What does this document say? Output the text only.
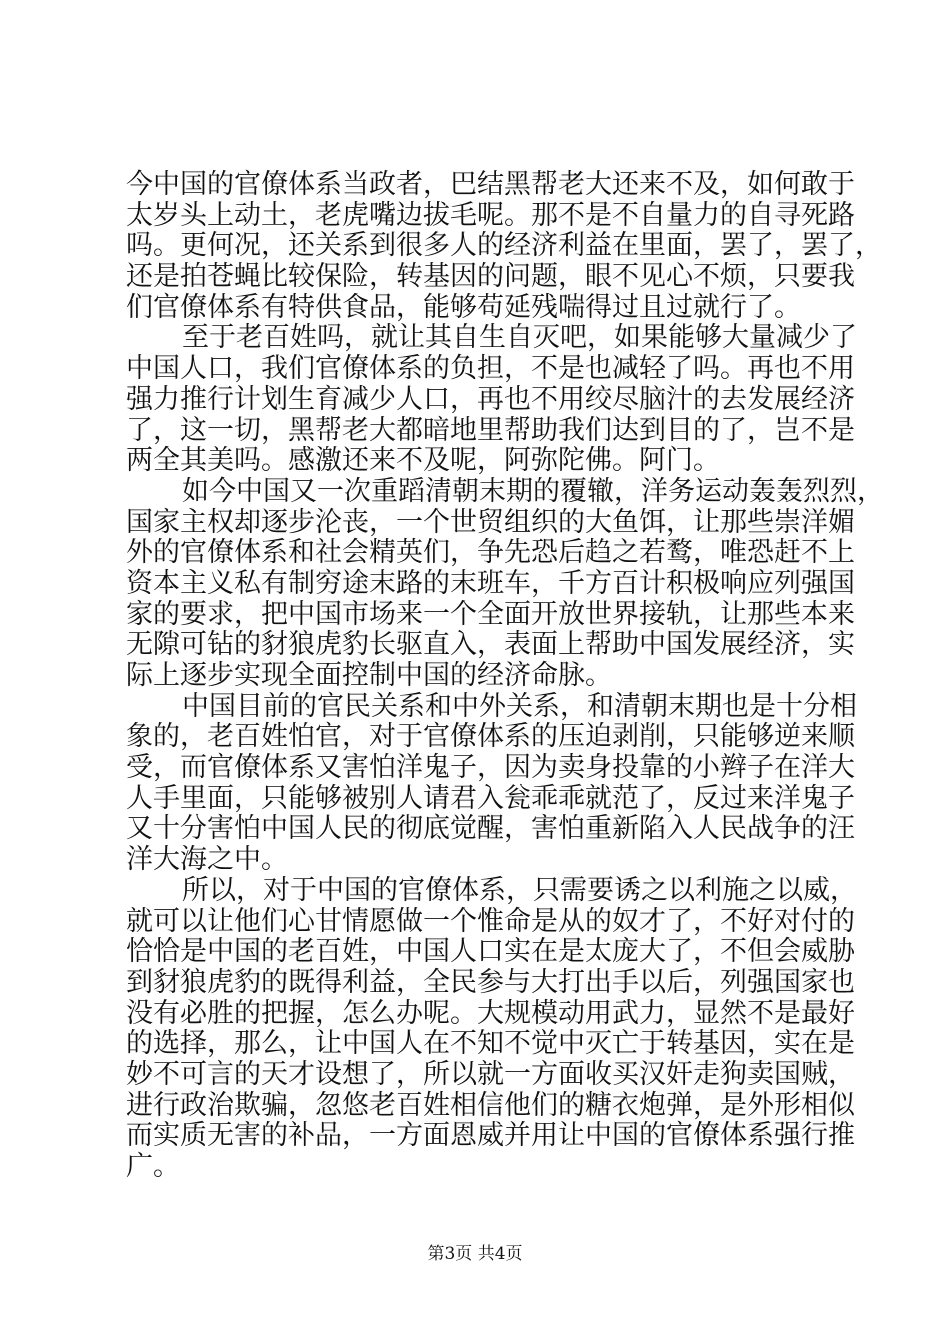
今中国的官僚体系当政者，巴结黑帮老大还来不及，如何敢于
太岁头上动土，老虎嘴边拔毛呢。那不是不自量力的自寻死路
吗。更何况，还关系到很多人的经济利益在里面，罢了，罢了，
还是拍苍蝇比较保险，转基因的问题，眼不见心不烦，只要我
们官僚体系有特供食品，能够苟延残喘得过且过就行了。
至于老百姓吗，就让其自生自灭吧，如果能够大量减少了
中国人口，我们官僚体系的负担，不是也减轻了吗。再也不用
强力推行计划生育减少人口，再也不用绞尽脑汁的去发展经济
了，这一切，黑帮老大都暗地里帮助我们达到目的了，岂不是
两全其美吗。感激还来不及呢，阿弥陀佛。阿门。
如今中国又一次重蹈清朝末期的覆辙，洋务运动轰轰烈烈，
国家主权却逐步沦丧，一个世贸组织的大鱼饵，让那些崇洋媚
外的官僚体系和社会精英们，争先恐后趋之若鹜，唯恐赶不上
资本主义私有制穷途末路的末班车，千方百计积极响应列强国
家的要求，把中国市场来一个全面开放世界接轨，让那些本来
无隙可钻的豺狼虎豹长驱直入，表面上帮助中国发展经济，实
际上逐步实现全面控制中国的经济命脉。
中国目前的官民关系和中外关系，和清朝末期也是十分相
象的，老百姓怕官，对于官僚体系的压迫剥削，只能够逆来顺
受，而官僚体系又害怕洋鬼子，因为卖身投靠的小辫子在洋大
人手里面，只能够被别人请君入瓮乖乖就范了，反过来洋鬼子
又十分害怕中国人民的彻底觉醒，害怕重新陷入人民战争的汪
洋大海之中。
所以，对于中国的官僚体系，只需要诱之以利施之以威，
就可以让他们心甘情愿做一个惟命是从的奴才了，不好对付的
恰恰是中国的老百姓，中国人口实在是太庞大了，不但会威胁
到豺狼虎豹的既得利益，全民参与大打出手以后，列强国家也
没有必胜的把握，怎么办呢。大规模动用武力，显然不是最好
的选择，那么，让中国人在不知不觉中灭亡于转基因，实在是
妙不可言的天才设想了，所以就一方面收买汉奸走狗卖国贼，
进行政治欺骗，忽悠老百姓相信他们的糖衣炮弹，是外形相似
而实质无害的补品，一方面恩威并用让中国的官僚体系强行推
广。
第3页 共4页
